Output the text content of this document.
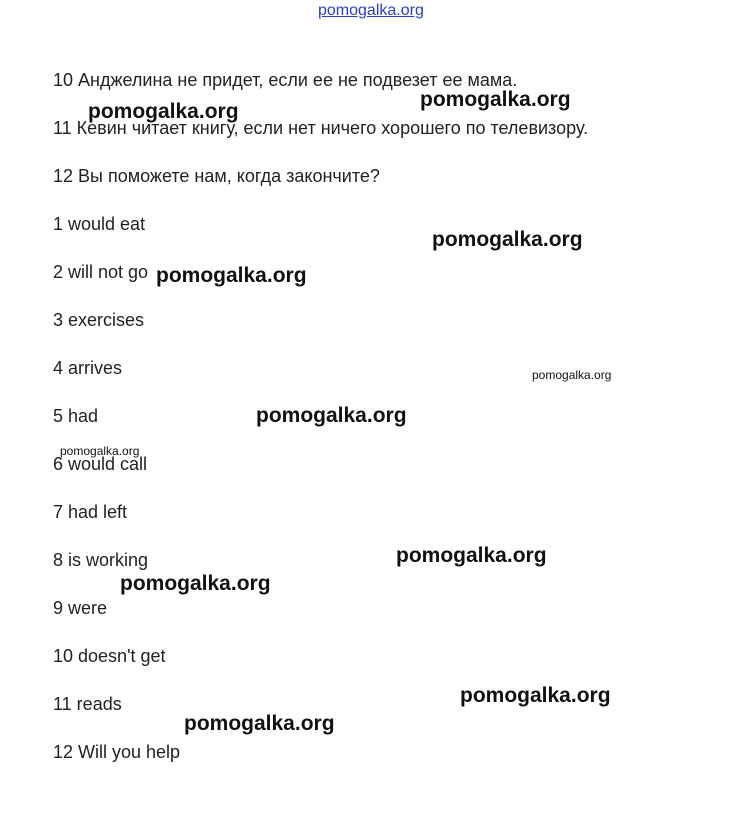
pomogalka.org
10 Анджелина не придет, если ее не подвезет ее мама.
11 Кевин читает книгу, если нет ничего хорошего по телевизору.
12 Вы поможете нам, когда закончите?
1 would eat
2 will not go
3 exercises
4 arrives
5 had
6 would call
7 had left
8 is working
9 were
10 doesn't get
11 reads
12 Will you help
pomogalka.org
pomogalka.org
pomogalka.org
pomogalka.org
pomogalka.org
pomogalka.org
pomogalka.org
pomogalka.org
pomogalka.org
pomogalka.org
pomogalka.org
